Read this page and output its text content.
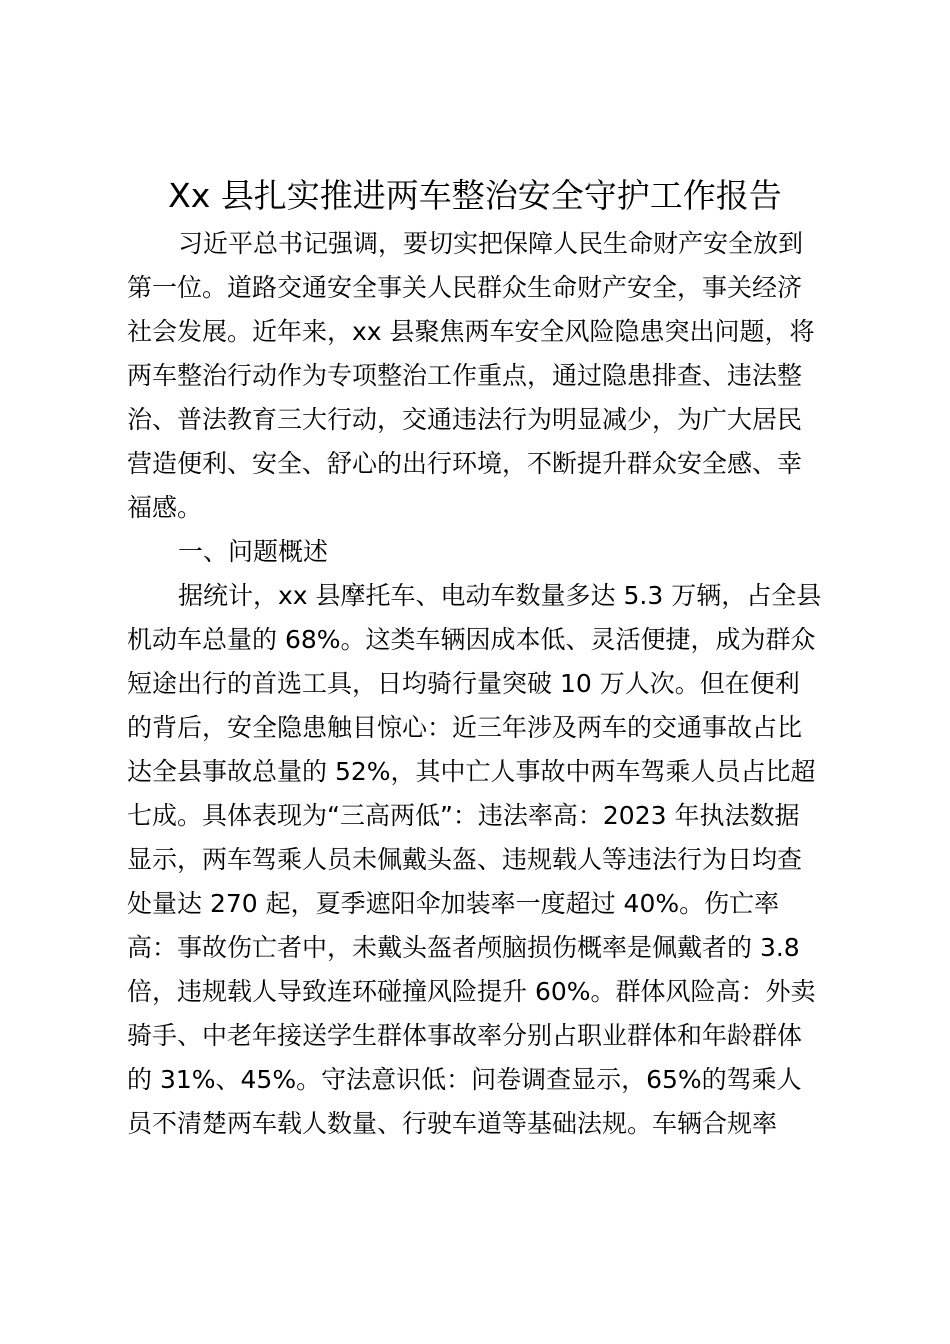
Xx 县扎实推进两车整治安全守护工作报告
习近平总书记强调，要切实把保障人民生命财产安全放到
第一位。道路交通安全事关人民群众生命财产安全，事关经济
社会发展。近年来，xx 县聚焦两车安全风险隐患突出问题，将
两车整治行动作为专项整治工作重点，通过隐患排查、违法整
治、普法教育三大行动，交通违法行为明显减少，为广大居民
营造便利、安全、舒心的出行环境，不断提升群众安全感、幸
福感。
一、问题概述
据统计，xx 县摩托车、电动车数量多达 5.3 万辆，占全县
机动车总量的 68%。这类车辆因成本低、灵活便捷，成为群众
短途出行的首选工具，日均骑行量突破 10 万人次。但在便利
的背后，安全隐患触目惊心：近三年涉及两车的交通事故占比
达全县事故总量的 52%，其中亡人事故中两车驾乘人员占比超
七成。具体表现为“三高两低”：违法率高：2023 年执法数据
显示，两车驾乘人员未佩戴头盔、违规载人等违法行为日均查
处量达 270 起，夏季遮阳伞加装率一度超过 40%。伤亡率
高：事故伤亡者中，未戴头盔者颅脑损伤概率是佩戴者的 3.8
倍，违规载人导致连环碰撞风险提升 60%。群体风险高：外卖
骑手、中老年接送学生群体事故率分别占职业群体和年龄群体
的 31%、45%。守法意识低：问卷调查显示，65%的驾乘人
员不清楚两车载人数量、行驶车道等基础法规。车辆合规率
